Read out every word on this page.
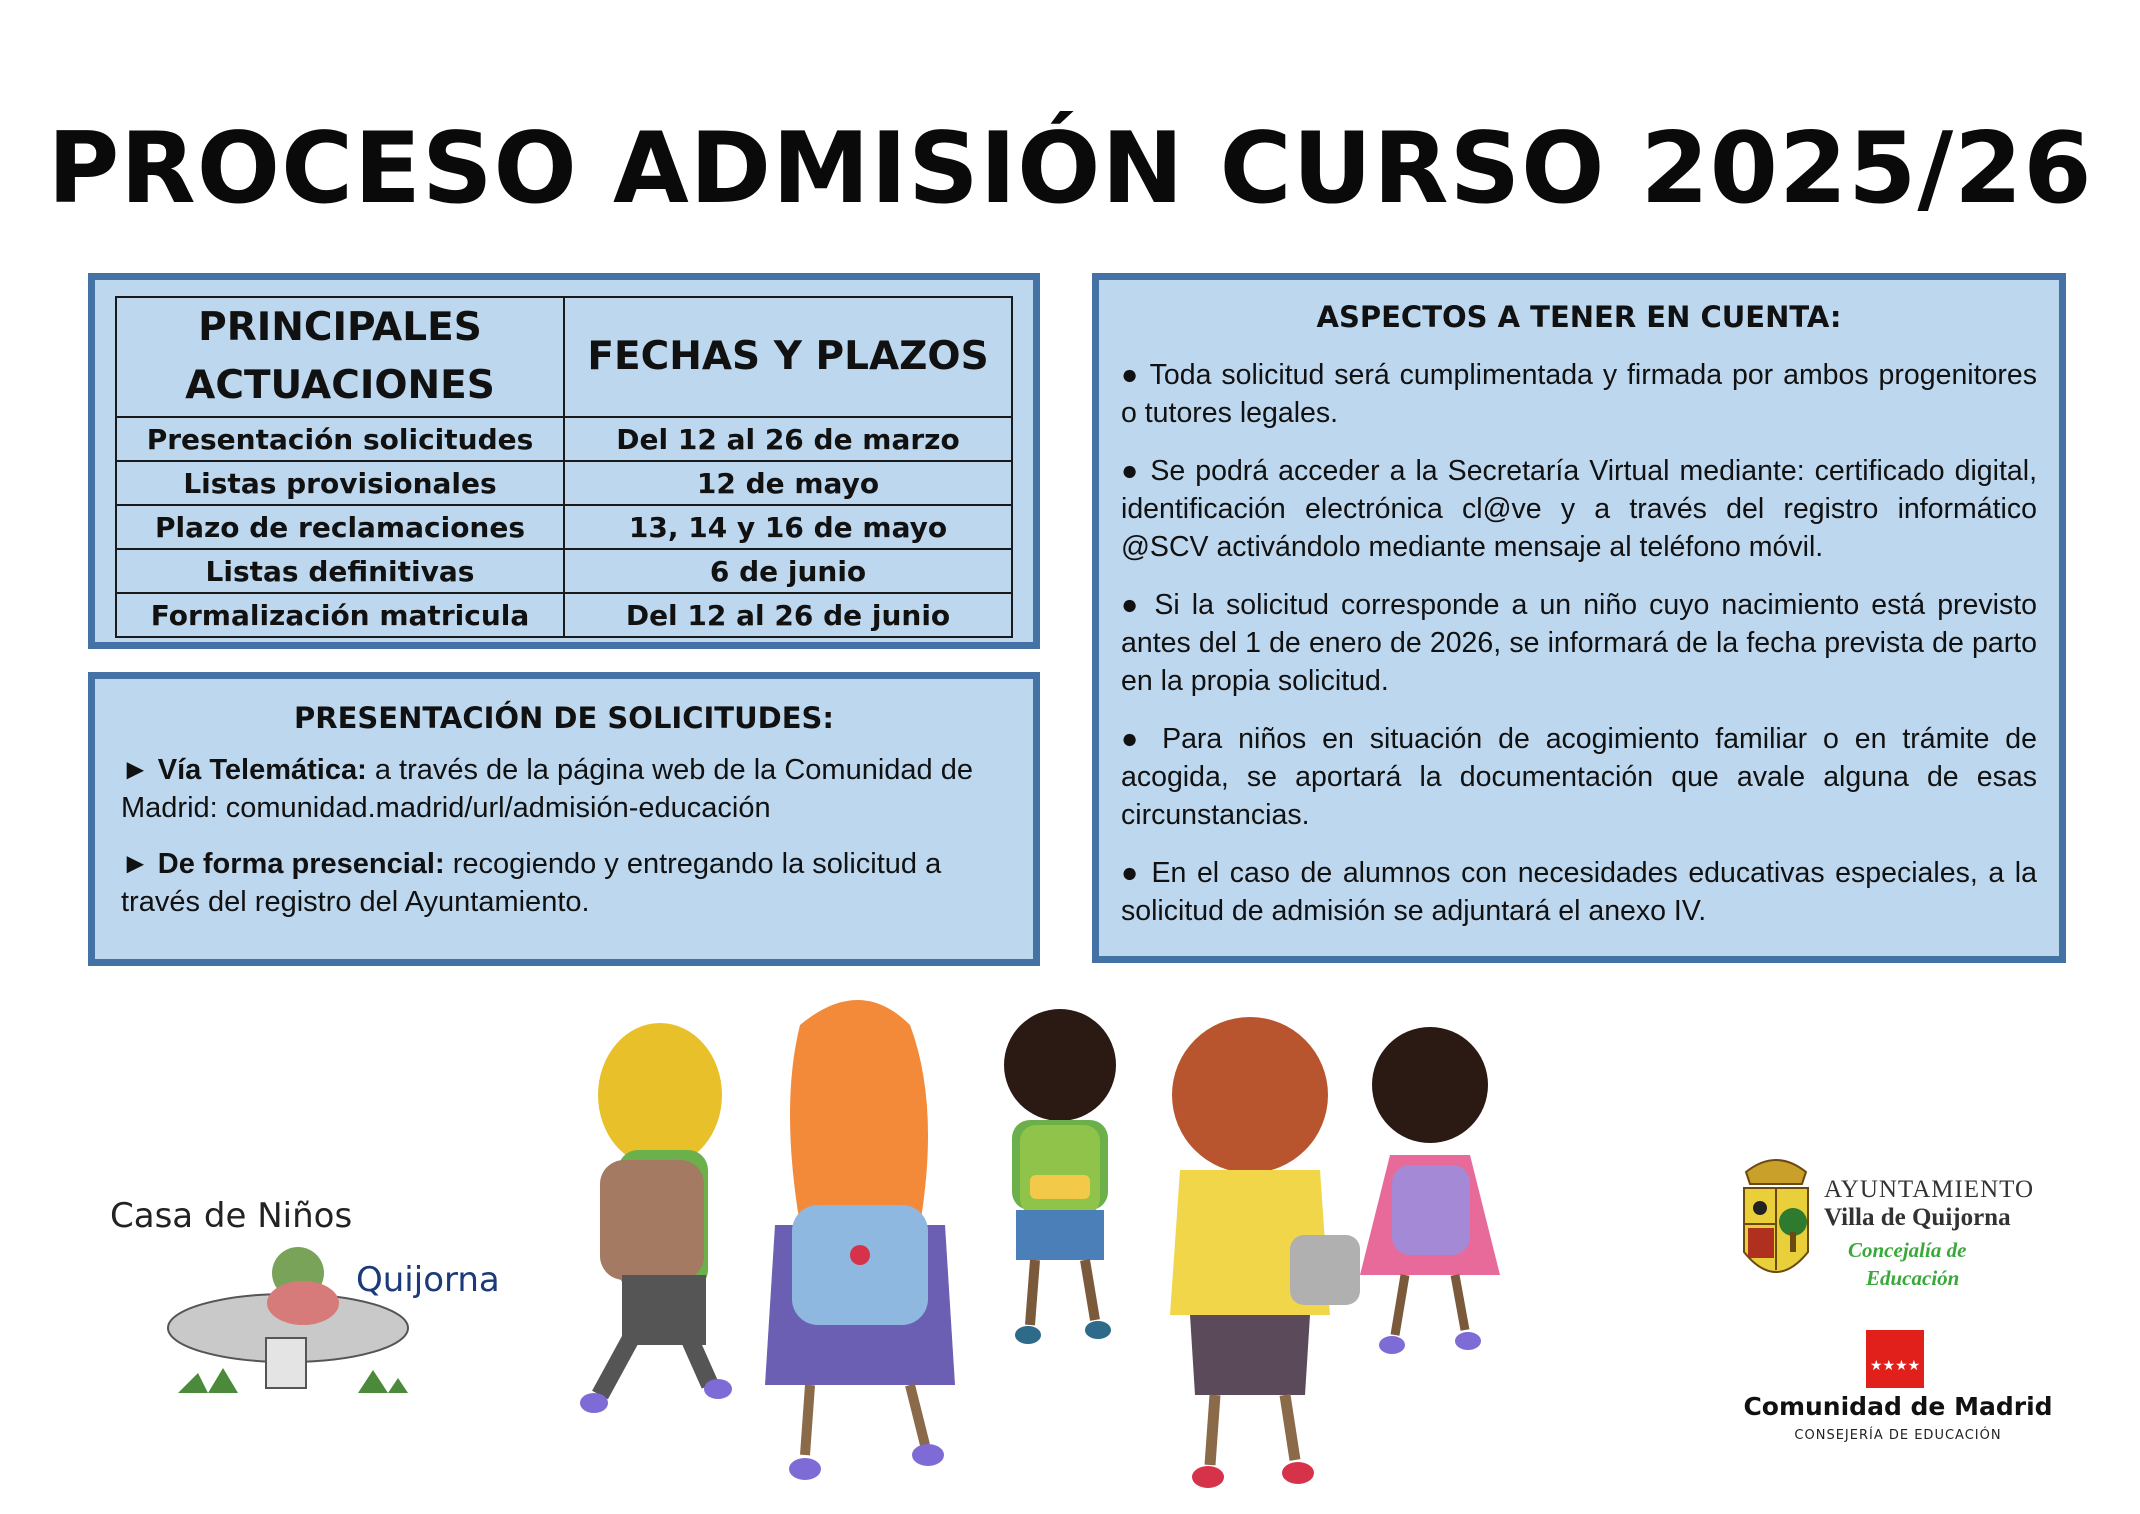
PROCESO ADMISIÓN CURSO 2025/26
PRINCIPALES ACTUACIONES	FECHAS Y PLAZOS
Presentación solicitudes	Del 12 al 26 de marzo
Listas provisionales	12 de mayo
Plazo de reclamaciones	13, 14 y 16 de mayo
Listas definitivas	6 de junio
Formalización matricula	Del 12 al 26 de junio
PRESENTACIÓN DE SOLICITUDES:

► Vía Telemática: a través de la página web de la Comunidad de Madrid: comunidad.madrid/url/admisión-educación

► De forma presencial: recogiendo y entregando la solicitud a través del registro del Ayuntamiento.

ASPECTOS A TENER EN CUENTA:

● Toda solicitud será cumplimentada y firmada por ambos progenitores o tutores legales.

● Se podrá acceder a la Secretaría Virtual mediante: certificado digital, identificación electrónica cl@ve y a través del registro informático @SCV activándolo mediante mensaje al teléfono móvil.

● Si la solicitud corresponde a un niño cuyo nacimiento está previsto antes del 1 de enero de 2026, se informará de la fecha prevista de parto en la propia solicitud.

● Para niños en situación de acogimiento familiar o en trámite de acogida, se aportará la documentación que avale alguna de esas circunstancias.

● En el caso de alumnos con necesidades educativas especiales, a la solicitud de admisión se adjuntará el anexo IV.

Casa de Niños
Quijorna
AYUNTAMIENTO
Villa de Quijorna
Concejalía de
Educación
★★★★
Comunidad de Madrid
CONSEJERÍA DE EDUCACIÓN
